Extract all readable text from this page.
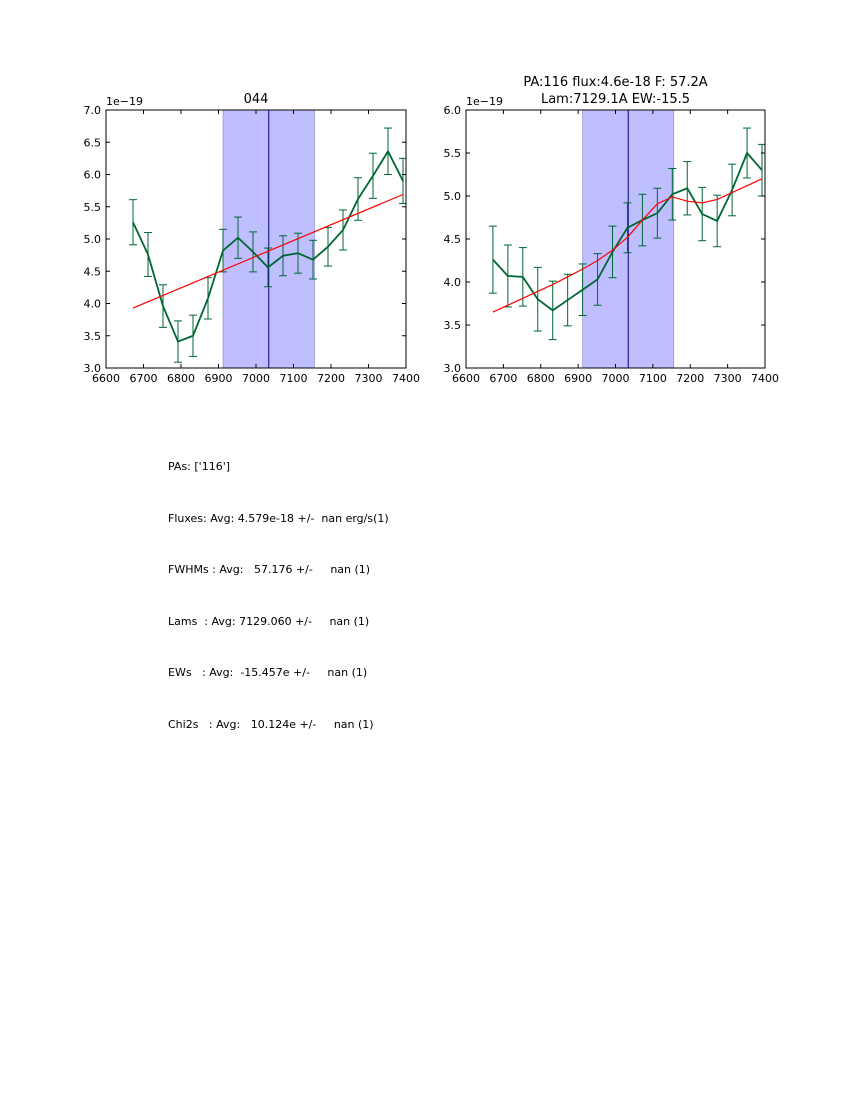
6600 6700 6800 6900 7000 7100 7200 7300 7400
3.0
3.5
4.0
4.5
5.0
5.5
6.0
6.5
7.0
1e−19	044
6600 6700 6800 6900 7000 7100 7200 7300 7400
3.0
3.5
4.0
4.5
5.0
5.5
6.0
1e−19
PA:116 flux:4.6e-18 F: 57.2A
Lam:7129.1A EW:-15.5

PAs: ['116']

Fluxes: Avg: 4.579e-18 +/-  nan erg/s(1)

FWHMs : Avg:   57.176 +/-     nan (1)

Lams  : Avg: 7129.060 +/-     nan (1)

EWs   : Avg:  -15.457e +/-     nan (1)

Chi2s   : Avg:   10.124e +/-     nan (1)
